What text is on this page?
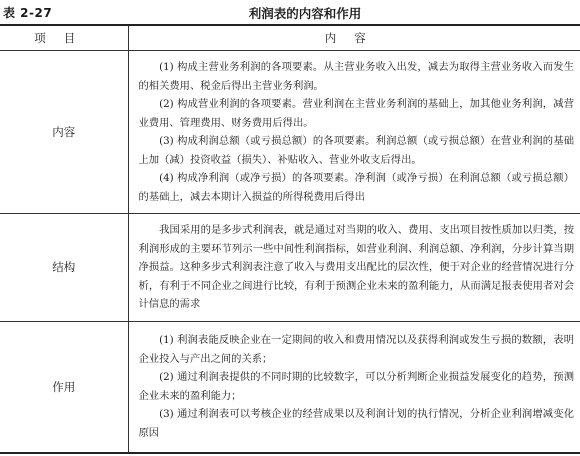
表 2-27	利润表的内容和作用
项目	内容
内容	(1) 构成主营业务利润的各项要素。从主营业务收入出发，减去为取得主营业务收入而发生的相关费用、税金后得出主营业务利润。

(2) 构成营业利润的各项要素。营业利润在主营业务利润的基础上，加其他业务利润，减营业费用、管理费用、财务费用后得出。

(3) 构成利润总额（或亏损总额）的各项要素。利润总额（或亏损总额）在营业利润的基础上加（减）投资收益（损失）、补贴收入、营业外收支后得出。

(4) 构成净利润（或净亏损）的各项要素。净利润（或净亏损）在利润总额（或亏损总额）的基础上，减去本期计入损益的所得税费用后得出

结构	我国采用的是多步式利润表，就是通过对当期的收入、费用、支出项目按性质加以归类，按利润形成的主要环节列示一些中间性利润指标，如营业利润、利润总额、净利润，分步计算当期净损益。这种多步式利润表注意了收入与费用支出配比的层次性，便于对企业的经营情况进行分析，有利于不同企业之间进行比较，有利于预测企业未来的盈利能力，从而满足报表使用者对会计信息的需求

作用	(1) 利润表能反映企业在一定期间的收入和费用情况以及获得利润或发生亏损的数额，表明企业投入与产出之间的关系；

(2) 通过利润表提供的不同时期的比较数字，可以分析判断企业损益发展变化的趋势，预测企业未来的盈利能力；

(3) 通过利润表可以考核企业的经营成果以及利润计划的执行情况，分析企业利润增减变化原因
